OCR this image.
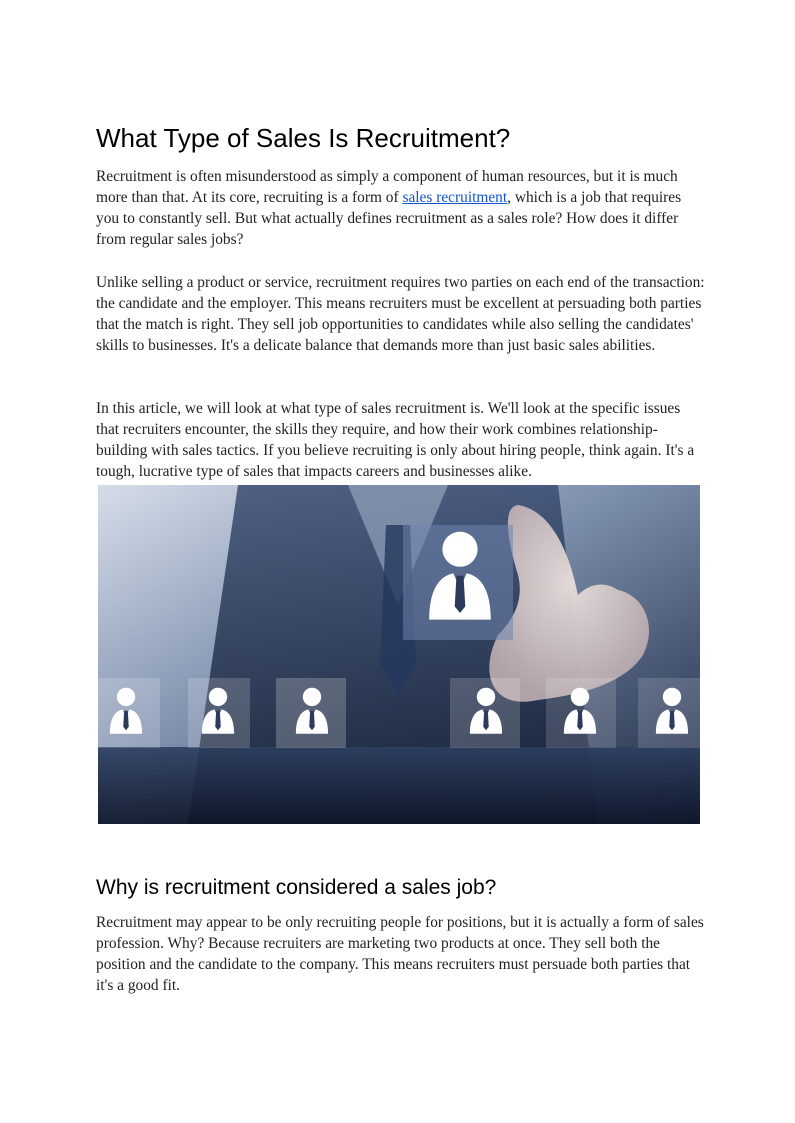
What Type of Sales Is Recruitment?

Recruitment is often misunderstood as simply a component of human resources, but it is much more than that. At its core, recruiting is a form of sales recruitment, which is a job that requires you to constantly sell. But what actually defines recruitment as a sales role? How does it differ from regular sales jobs?

Unlike selling a product or service, recruitment requires two parties on each end of the transaction: the candidate and the employer. This means recruiters must be excellent at persuading both parties that the match is right. They sell job opportunities to candidates while also selling the candidates' skills to businesses. It's a delicate balance that demands more than just basic sales abilities.

In this article, we will look at what type of sales recruitment is. We'll look at the specific issues that recruiters encounter, the skills they require, and how their work combines relationship-building with sales tactics. If you believe recruiting is only about hiring people, think again. It's a tough, lucrative type of sales that impacts careers and businesses alike.

Why is recruitment considered a sales job?

Recruitment may appear to be only recruiting people for positions, but it is actually a form of sales profession. Why? Because recruiters are marketing two products at once. They sell both the position and the candidate to the company. This means recruiters must persuade both parties that it's a good fit.
